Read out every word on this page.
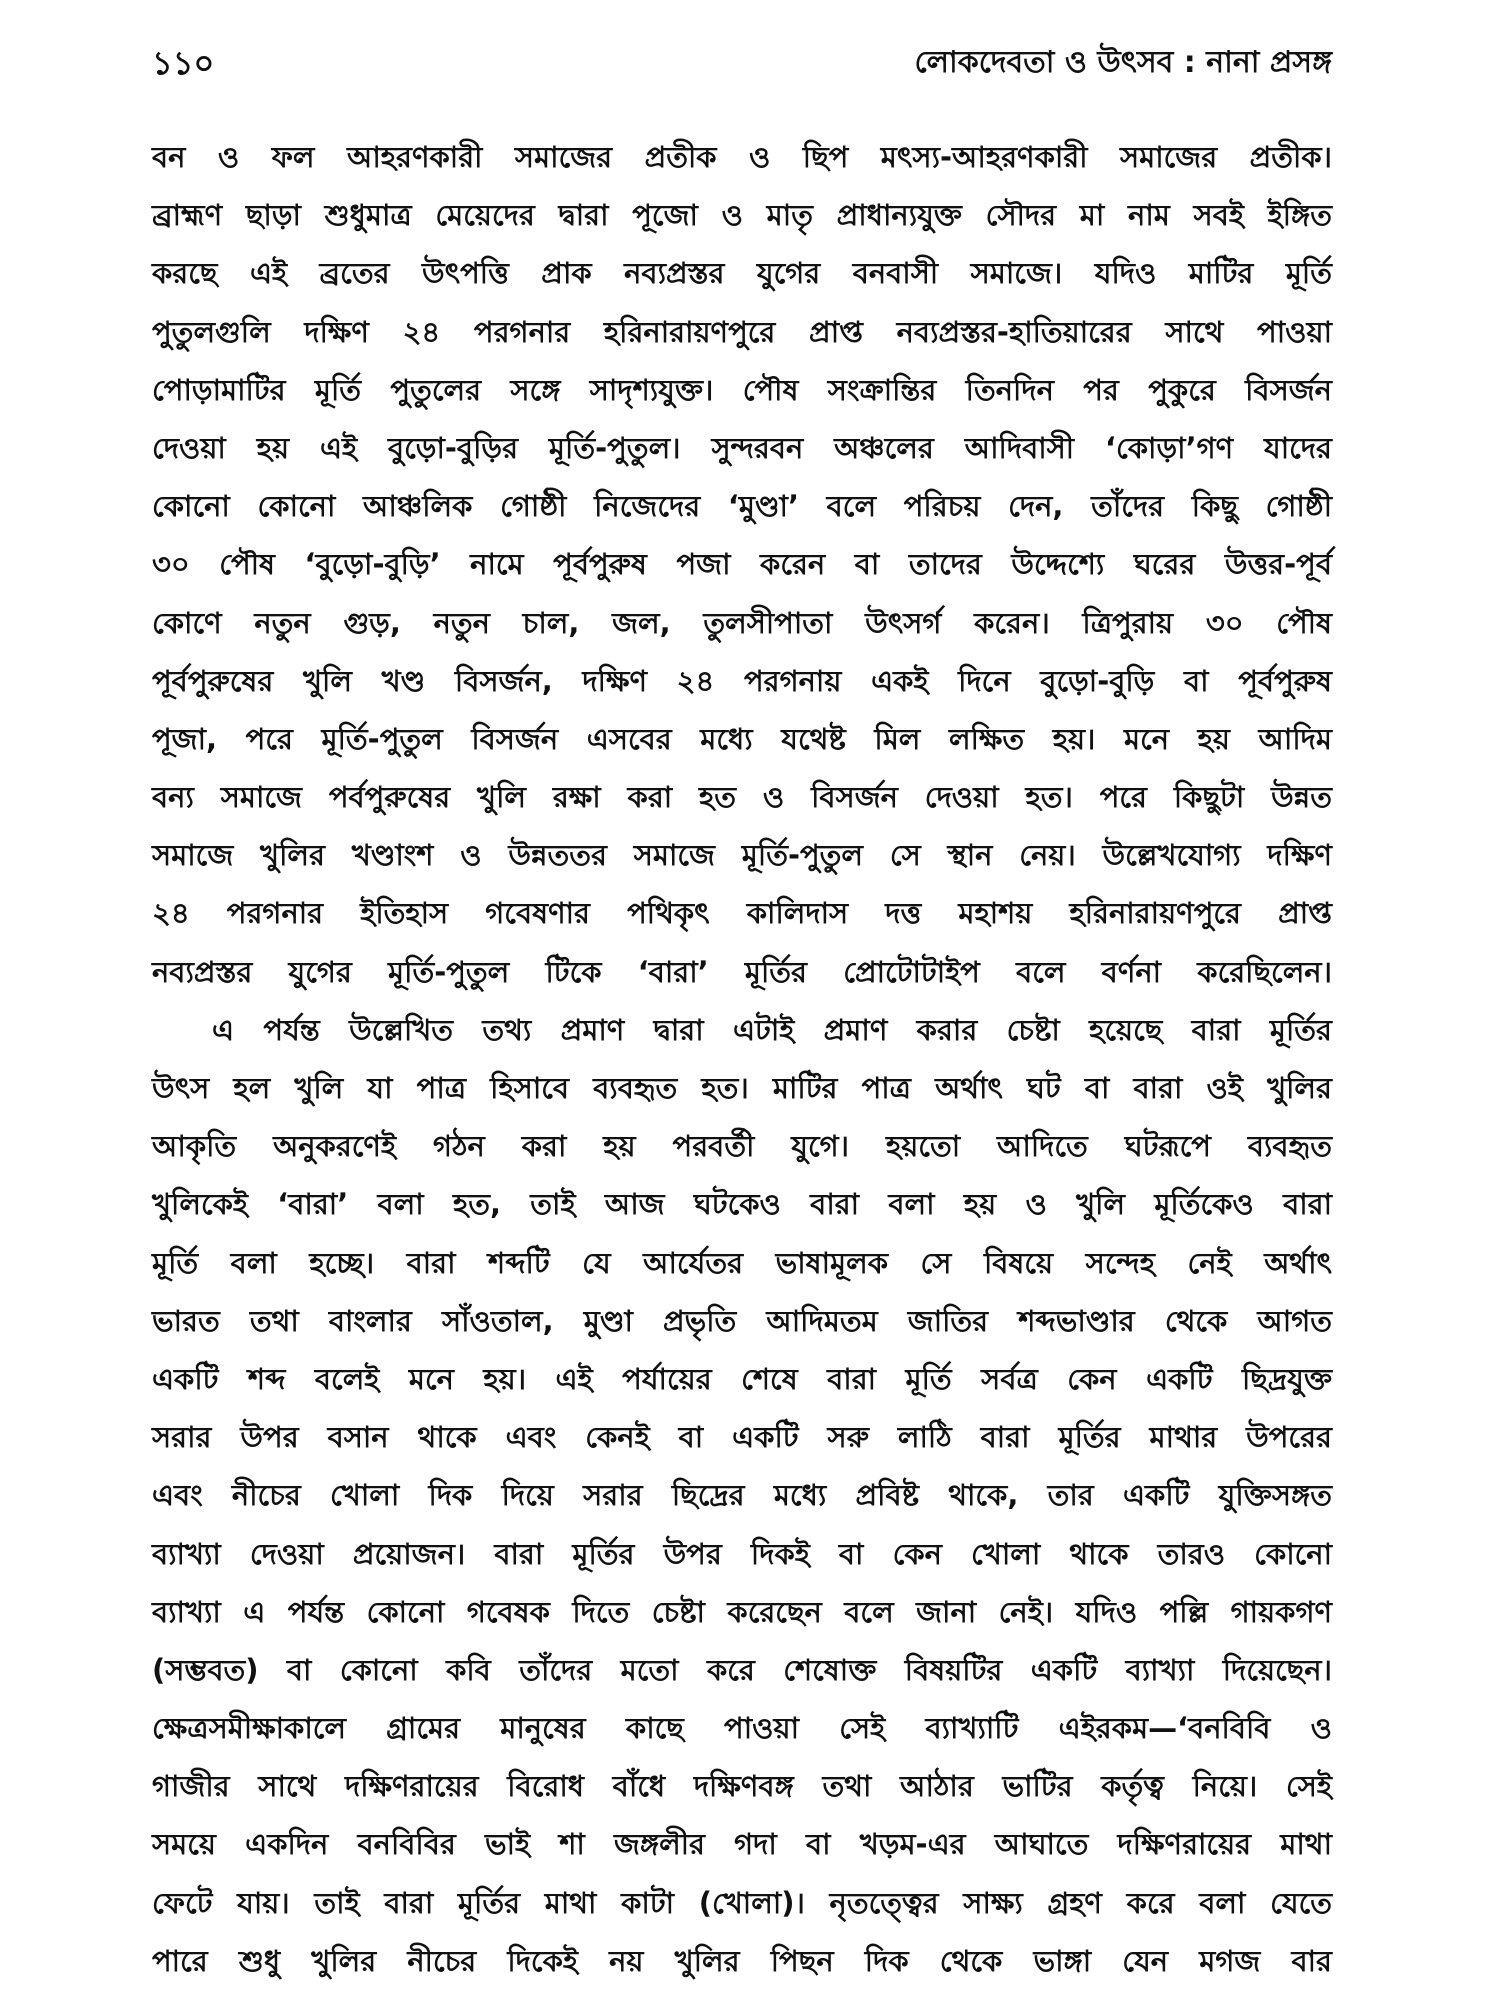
১১০	লোকদেবতা ও উৎসব : নানা প্রসঙ্গ
বন ও ফল আহরণকারী সমাজের প্রতীক ও ছিপ মৎস্য-আহরণকারী সমাজের প্রতীক।
ব্রাহ্মণ ছাড়া শুধুমাত্র মেয়েদের দ্বারা পূজো ও মাতৃ প্রাধান্যযুক্ত সৌদর মা নাম সবই ইঙ্গিত
করছে এই ব্রতের উৎপত্তি প্রাক নব্যপ্রস্তর যুগের বনবাসী সমাজে। যদিও মাটির মূর্তি
পুতুলগুলি দক্ষিণ ২৪ পরগনার হরিনারায়ণপুরে প্রাপ্ত নব্যপ্রস্তর-হাতিয়ারের সাথে পাওয়া
পোড়ামাটির মূর্তি পুতুলের সঙ্গে সাদৃশ্যযুক্ত। পৌষ সংক্রান্তির তিনদিন পর পুকুরে বিসর্জন
দেওয়া হয় এই বুড়ো-বুড়ির মূর্তি-পুতুল। সুন্দরবন অঞ্চলের আদিবাসী ‘কোড়া’গণ যাদের
কোনো কোনো আঞ্চলিক গোষ্ঠী নিজেদের ‘মুণ্ডা’ বলে পরিচয় দেন, তাঁদের কিছু গোষ্ঠী
৩০ পৌষ ‘বুড়ো-বুড়ি’ নামে পূর্বপুরুষ পজা করেন বা তাদের উদ্দেশ্যে ঘরের উত্তর-পূর্ব
কোণে নতুন গুড়, নতুন চাল, জল, তুলসীপাতা উৎসর্গ করেন। ত্রিপুরায় ৩০ পৌষ
পূর্বপুরুষের খুলি খণ্ড বিসর্জন, দক্ষিণ ২৪ পরগনায় একই দিনে বুড়ো-বুড়ি বা পূর্বপুরুষ
পূজা, পরে মূর্তি-পুতুল বিসর্জন এসবের মধ্যে যথেষ্ট মিল লক্ষিত হয়। মনে হয় আদিম
বন্য সমাজে পর্বপুরুষের খুলি রক্ষা করা হত ও বিসর্জন দেওয়া হত। পরে কিছুটা উন্নত
সমাজে খুলির খণ্ডাংশ ও উন্নততর সমাজে মূর্তি-পুতুল সে স্থান নেয়। উল্লেখযোগ্য দক্ষিণ
২৪ পরগনার ইতিহাস গবেষণার পথিকৃৎ কালিদাস দত্ত মহাশয় হরিনারায়ণপুরে প্রাপ্ত
নব্যপ্রস্তর যুগের মূর্তি-পুতুল টিকে ‘বারা’ মূর্তির প্রোটোটাইপ বলে বর্ণনা করেছিলেন।
এ পর্যন্ত উল্লেখিত তথ্য প্রমাণ দ্বারা এটাই প্রমাণ করার চেষ্টা হয়েছে বারা মূর্তির
উৎস হল খুলি যা পাত্র হিসাবে ব্যবহৃত হত। মাটির পাত্র অর্থাৎ ঘট বা বারা ওই খুলির
আকৃতি অনুকরণেই গঠন করা হয় পরবর্তী যুগে। হয়তো আদিতে ঘটরূপে ব্যবহৃত
খুলিকেই ‘বারা’ বলা হত, তাই আজ ঘটকেও বারা বলা হয় ও খুলি মূর্তিকেও বারা
মূর্তি বলা হচ্ছে। বারা শব্দটি যে আর্যেতর ভাষামূলক সে বিষয়ে সন্দেহ নেই অর্থাৎ
ভারত তথা বাংলার সাঁওতাল, মুণ্ডা প্রভৃতি আদিমতম জাতির শব্দভাণ্ডার থেকে আগত
একটি শব্দ বলেই মনে হয়। এই পর্যায়ের শেষে বারা মূর্তি সর্বত্র কেন একটি ছিদ্রযুক্ত
সরার উপর বসান থাকে এবং কেনই বা একটি সরু লাঠি বারা মূর্তির মাথার উপরের
এবং নীচের খোলা দিক দিয়ে সরার ছিদ্রের মধ্যে প্রবিষ্ট থাকে, তার একটি যুক্তিসঙ্গত
ব্যাখ্যা দেওয়া প্রয়োজন। বারা মূর্তির উপর দিকই বা কেন খোলা থাকে তারও কোনো
ব্যাখ্যা এ পর্যন্ত কোনো গবেষক দিতে চেষ্টা করেছেন বলে জানা নেই। যদিও পল্লি গায়কগণ
(সম্ভবত) বা কোনো কবি তাঁদের মতো করে শেষোক্ত বিষয়টির একটি ব্যাখ্যা দিয়েছেন।
ক্ষেত্রসমীক্ষাকালে গ্রামের মানুষের কাছে পাওয়া সেই ব্যাখ্যাটি এইরকম—‘বনবিবি ও
গাজীর সাথে দক্ষিণরায়ের বিরোধ বাঁধে দক্ষিণবঙ্গ তথা আঠার ভাটির কর্তৃত্ব নিয়ে। সেই
সময়ে একদিন বনবিবির ভাই শা জঙ্গলীর গদা বা খড়ম-এর আঘাতে দক্ষিণরায়ের মাথা
ফেটে যায়। তাই বারা মূর্তির মাথা কাটা (খোলা)। নৃতত্ত্বের সাক্ষ্য গ্রহণ করে বলা যেতে
পারে শুধু খুলির নীচের দিকেই নয় খুলির পিছন দিক থেকে ভাঙ্গা যেন মগজ বার
